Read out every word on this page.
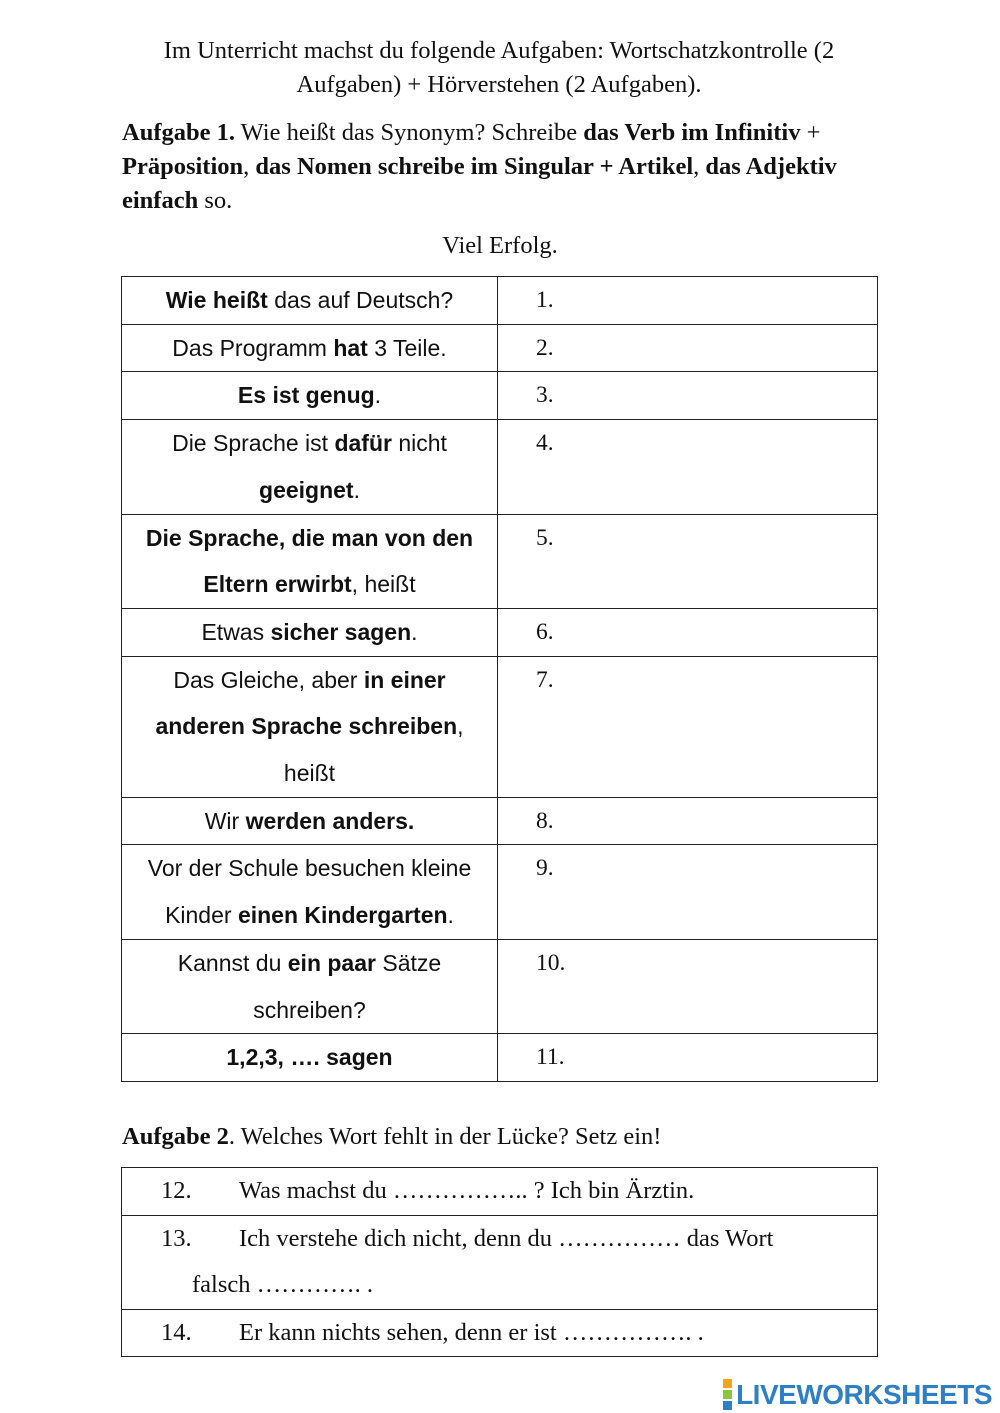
Im Unterricht machst du folgende Aufgaben: Wortschatzkontrolle (2 Aufgaben) + Hörverstehen (2 Aufgaben).
Aufgabe 1. Wie heißt das Synonym? Schreibe das Verb im Infinitiv + Präposition, das Nomen schreibe im Singular + Artikel, das Adjektiv einfach so.
Viel Erfolg.
Wie heißt das auf Deutsch?	1.
Das Programm hat 3 Teile.	2.
Es ist genug.	3.
Die Sprache ist dafür nicht geeignet.	4.
Die Sprache, die man von den Eltern erwirbt, heißt	5.
Etwas sicher sagen.	6.
Das Gleiche, aber in einer anderen Sprache schreiben, heißt	7.
Wir werden anders.	8.
Vor der Schule besuchen kleine Kinder einen Kindergarten.	9.
Kannst du ein paar Sätze schreiben?	10.
1,2,3, …. sagen	11.
Aufgabe 2. Welches Wort fehlt in der Lücke? Setz ein!
12. Was machst du …………….. ? Ich bin Ärztin.
13. Ich verstehe dich nicht, denn du …………… das Wort
falsch …………. .

14. Er kann nichts sehen, denn er ist ……………. .
LIVEWORKSHEETS
